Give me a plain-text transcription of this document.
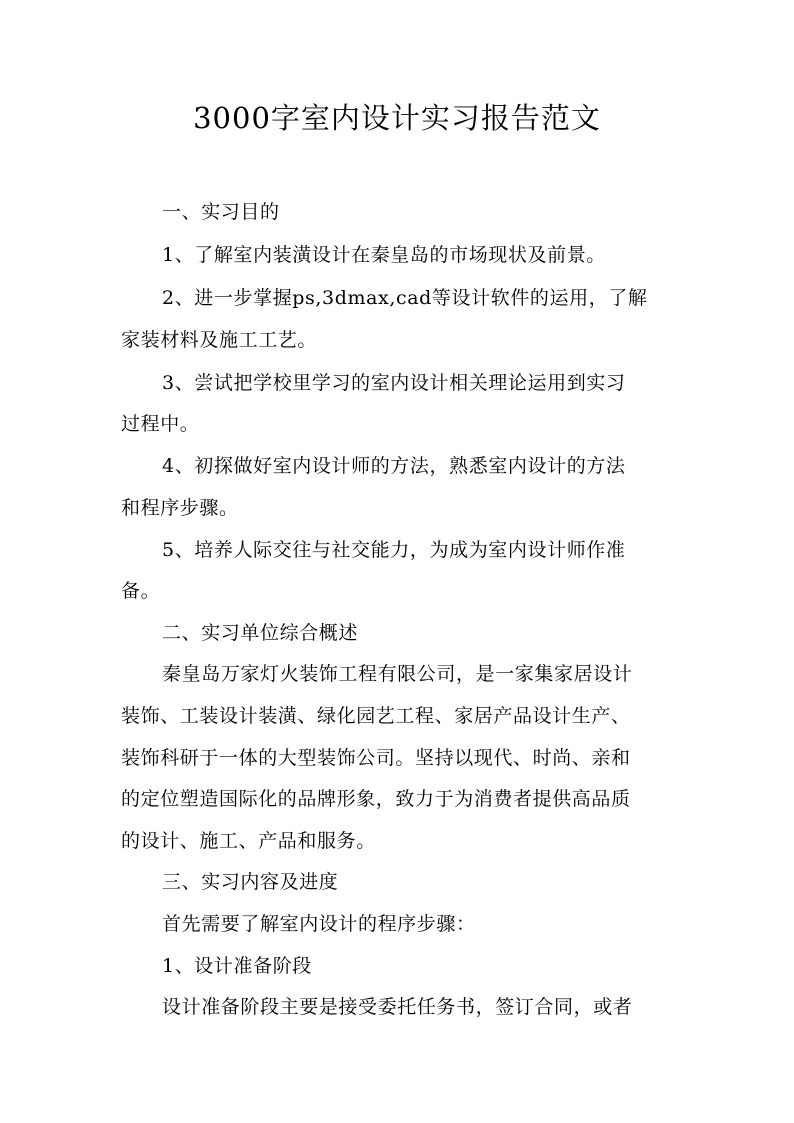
3000字室内设计实习报告范文

一、实习目的

1、了解室内装潢设计在秦皇岛的市场现状及前景。

2、进一步掌握ps,3dmax,cad等设计软件的运用，了解

家装材料及施工工艺。

3、尝试把学校里学习的室内设计相关理论运用到实习

过程中。

4、初探做好室内设计师的方法，熟悉室内设计的方法

和程序步骤。

5、培养人际交往与社交能力，为成为室内设计师作准

备。

二、实习单位综合概述

秦皇岛万家灯火装饰工程有限公司，是一家集家居设计

装饰、工装设计装潢、绿化园艺工程、家居产品设计生产、

装饰科研于一体的大型装饰公司。坚持以现代、时尚、亲和

的定位塑造国际化的品牌形象，致力于为消费者提供高品质

的设计、施工、产品和服务。

三、实习内容及进度

首先需要了解室内设计的程序步骤：

1、设计准备阶段

设计准备阶段主要是接受委托任务书，签订合同，或者
